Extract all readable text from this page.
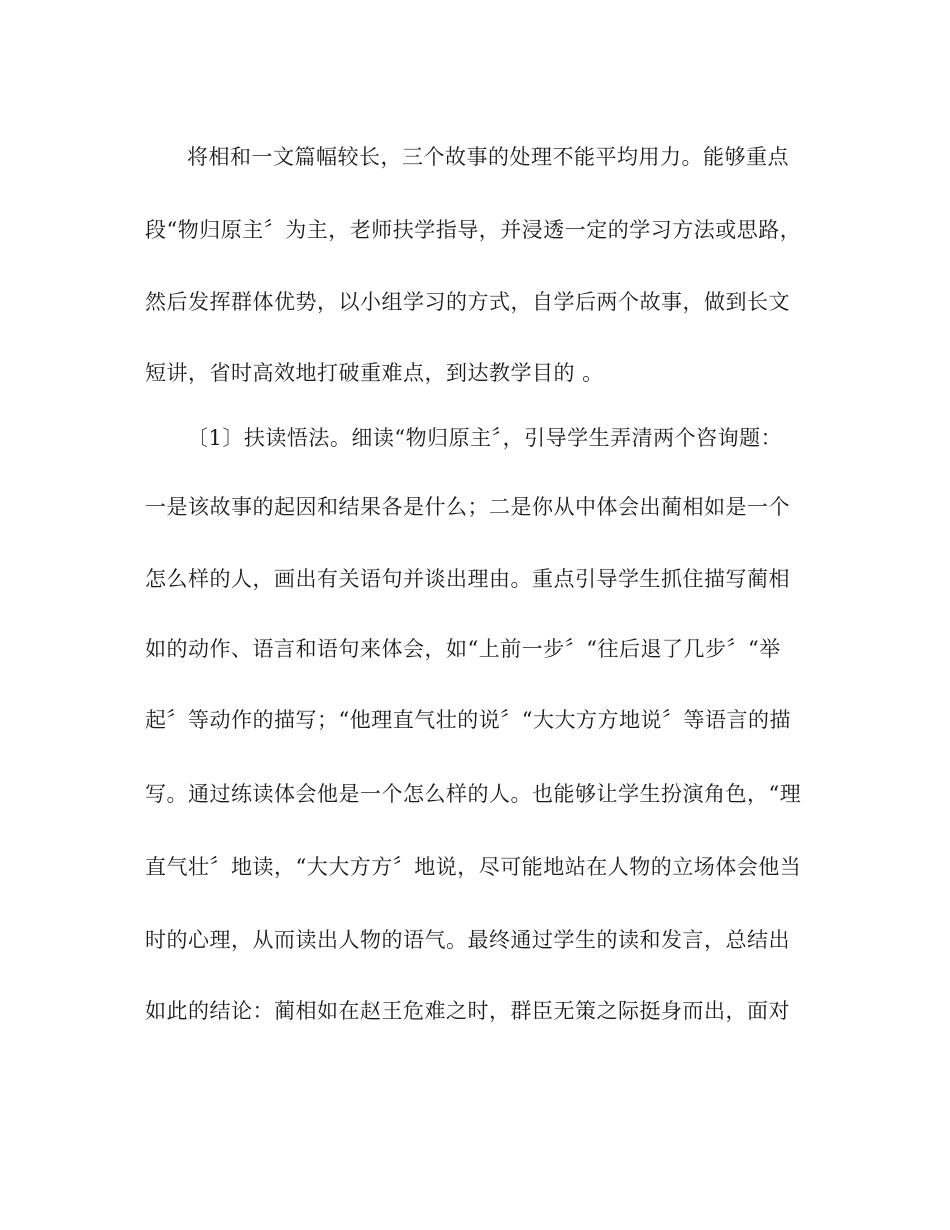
将相和一文篇幅较长，三个故事的处理不能平均用力。能够重点
段“物归原主〞为主，老师扶学指导，并浸透一定的学习方法或思路，
然后发挥群体优势，以小组学习的方式，自学后两个故事，做到长文
短讲，省时高效地打破重难点，到达教学目的 。
〔1〕扶读悟法。细读“物归原主〞，引导学生弄清两个咨询题：
一是该故事的起因和结果各是什么；二是你从中体会出蔺相如是一个
怎么样的人，画出有关语句并谈出理由。重点引导学生抓住描写蔺相
如的动作、语言和语句来体会，如“上前一步〞“往后退了几步〞“举
起〞等动作的描写；“他理直气壮的说〞“大大方方地说〞等语言的描
写。通过练读体会他是一个怎么样的人。也能够让学生扮演角色，“理
直气壮〞地读，“大大方方〞地说，尽可能地站在人物的立场体会他当
时的心理，从而读出人物的语气。最终通过学生的读和发言，总结出
如此的结论：蔺相如在赵王危难之时，群臣无策之际挺身而出，面对
